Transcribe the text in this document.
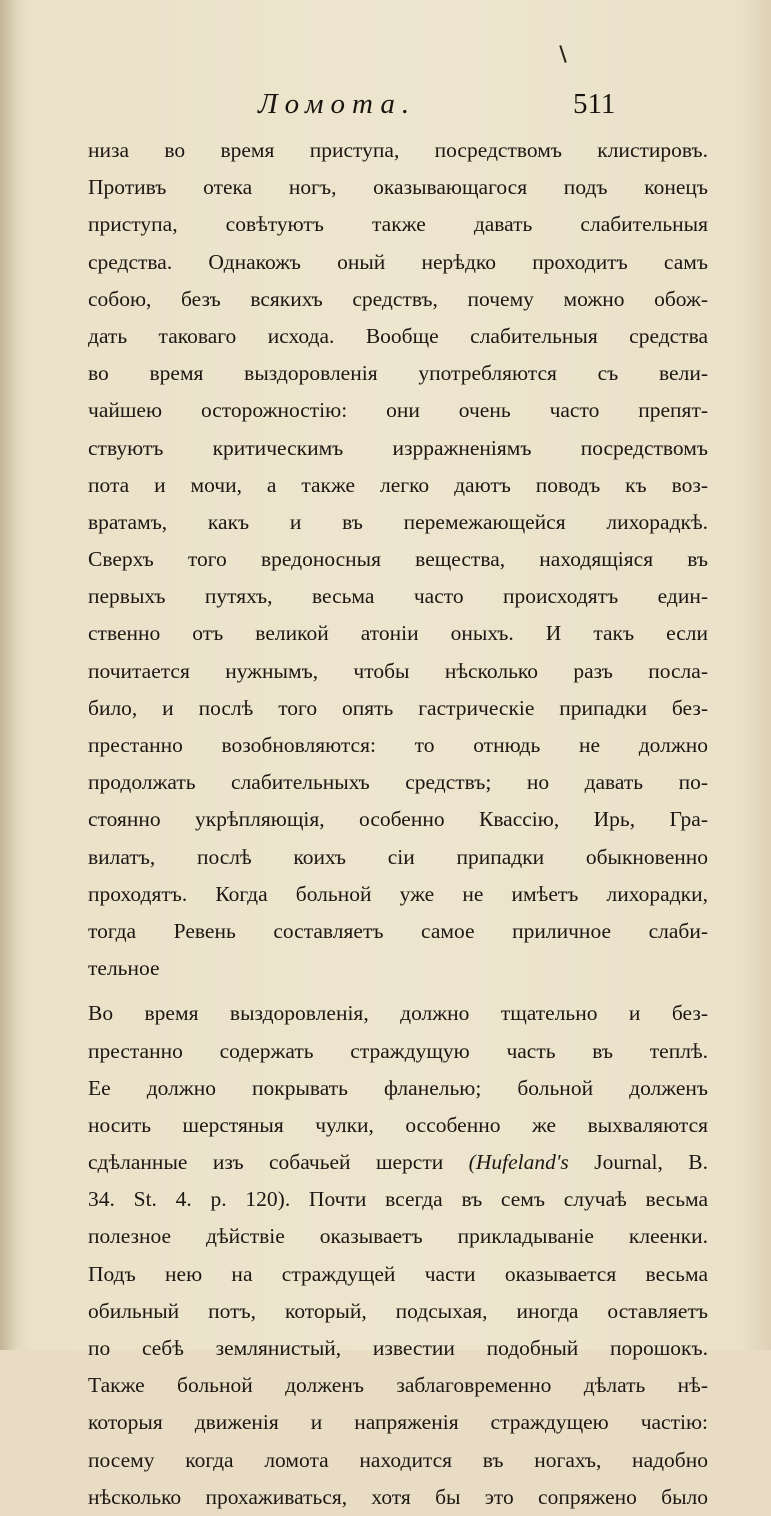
Ломота.	511
низа во время приступа, посредствомъ клистировъ.
Противъ отека ногъ, оказывающагося подъ конецъ
приступа, совѣтуютъ также давать слабительныя
средства. Однакожъ оный нерѣдко проходитъ самъ
собою, безъ всякихъ средствъ, почему можно обож-
дать таковаго исхода. Вообще слабительныя средства
во время выздоровленія употребляются съ вели-
чайшею осторожностію: они очень часто препят-
ствуютъ критическимъ изpражненіямъ посредствомъ
пота и мочи, а также легко даютъ поводъ къ воз-
вратамъ, какъ и въ перемежающейся лихорадкѣ.
Сверхъ того вредоносныя вещества, находящіяся въ
первыхъ путяхъ, весьма часто происходятъ един-
ственно отъ великой атоніи оныхъ. И такъ если
почитается нужнымъ, чтобы нѣсколько разъ посла-
било, и послѣ того опять гастрическіе припадки без-
престанно возобновляются: то отнюдь не должно
продолжать слабительныхъ средствъ; но давать по-
стоянно укрѣпляющія, особенно Квассію, Ирь, Гра-
вилатъ, послѣ коихъ сіи припадки обыкновенно
проходятъ. Когда больной уже не имѣетъ лихорадки,
тогда Ревень составляетъ самое приличное слаби-
тельное
Во время выздоровленія, должно тщательно и без-
престанно содержать страждущую часть въ теплѣ.
Ее должно покрывать фланелью; больной долженъ
носить шерстяныя чулки, оссобенно же выхваляются
сдѣланные изъ собачьей шерсти (Hufeland's Journal, B.
34. St. 4. p. 120). Почти всегда въ семъ случаѣ весьма
полезное дѣйствіе оказываетъ прикладываніе клеенки.
Подъ нею на страждущей части оказывается весьма
обильный потъ, который, подсыхая, иногда оставляетъ
по себѣ землянистый, известии подобный порошокъ.
Также больной долженъ заблаговременно дѣлать нѣ-
которыя движенія и напряженія страждущею частію:
посему когда ломота находится въ ногахъ, надобно
нѣсколько прохаживаться, хотя бы это сопряжено было
